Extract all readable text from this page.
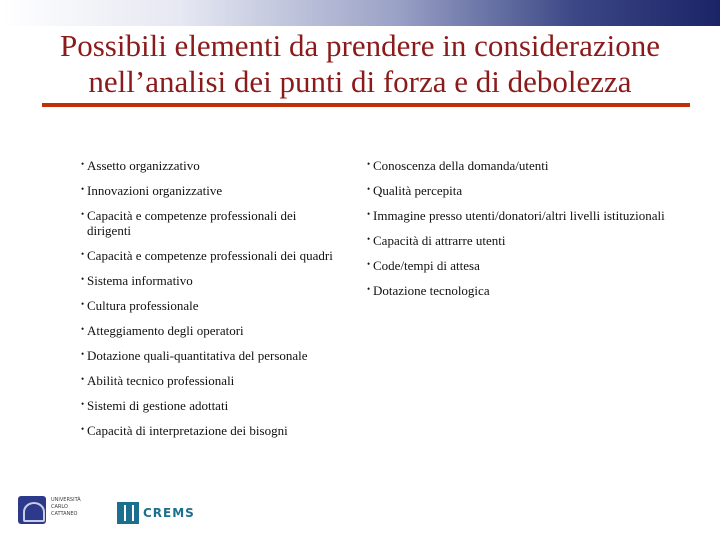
Possibili elementi da prendere in considerazione
nell’analisi dei punti di forza e di debolezza
• Assetto organizzativo
• Innovazioni organizzative
• Capacità e competenze professionali dei dirigenti
• Capacità e competenze professionali dei quadri
• Sistema informativo
• Cultura professionale
• Atteggiamento degli operatori
• Dotazione quali-quantitativa del personale
• Abilità tecnico professionali
• Sistemi di gestione adottati
• Capacità di interpretazione dei bisogni
• Conoscenza della domanda/utenti
• Qualità percepita
• Immagine presso utenti/donatori/altri livelli istituzionali
• Capacità di attrarre utenti
• Code/tempi di attesa
• Dotazione tecnologica
UNIVERSITÀ CARLO CATTANEO	CREMS
